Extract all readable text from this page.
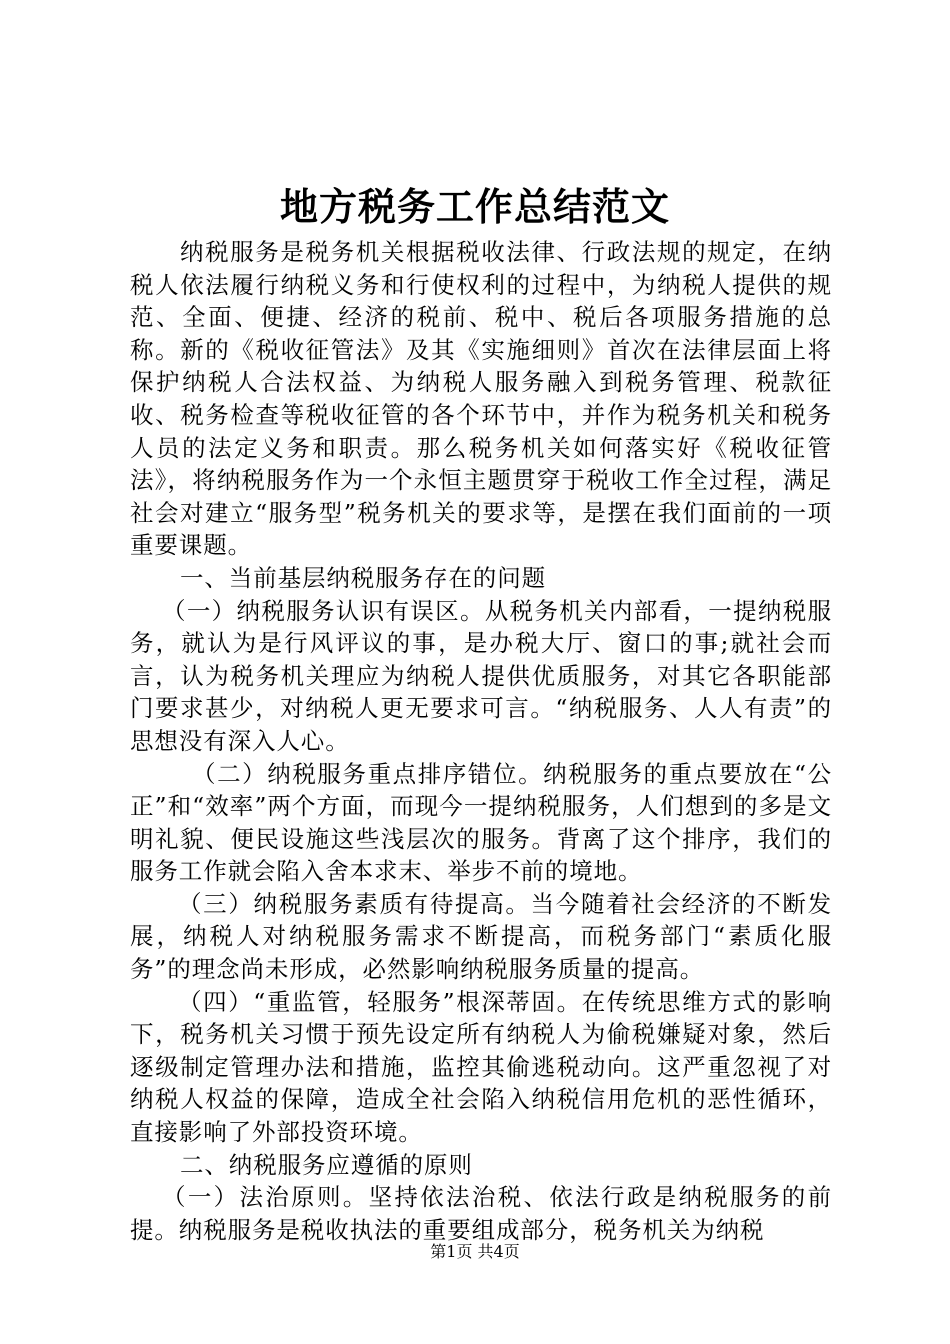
地方税务工作总结范文

纳税服务是税务机关根据税收法律、行政法规的规定，在纳税人依法履行纳税义务和行使权利的过程中，为纳税人提供的规范、全面、便捷、经济的税前、税中、税后各项服务措施的总称。新的《税收征管法》及其《实施细则》首次在法律层面上将保护纳税人合法权益、为纳税人服务融入到税务管理、税款征收、税务检查等税收征管的各个环节中，并作为税务机关和税务人员的法定义务和职责。那么税务机关如何落实好《税收征管法》，将纳税服务作为一个永恒主题贯穿于税收工作全过程，满足社会对建立“服务型”税务机关的要求等，是摆在我们面前的一项重要课题。

一、当前基层纳税服务存在的问题

（一）纳税服务认识有误区。从税务机关内部看，一提纳税服务，就认为是行风评议的事，是办税大厅、窗口的事;就社会而言，认为税务机关理应为纳税人提供优质服务，对其它各职能部门要求甚少，对纳税人更无要求可言。“纳税服务、人人有责”的思想没有深入人心。

（二）纳税服务重点排序错位。纳税服务的重点要放在“公正”和“效率”两个方面，而现今一提纳税服务，人们想到的多是文明礼貌、便民设施这些浅层次的服务。背离了这个排序，我们的服务工作就会陷入舍本求末、举步不前的境地。

（三）纳税服务素质有待提高。当今随着社会经济的不断发展，纳税人对纳税服务需求不断提高，而税务部门“素质化服务”的理念尚未形成，必然影响纳税服务质量的提高。

（四）“重监管，轻服务”根深蒂固。在传统思维方式的影响下，税务机关习惯于预先设定所有纳税人为偷税嫌疑对象，然后逐级制定管理办法和措施，监控其偷逃税动向。这严重忽视了对纳税人权益的保障，造成全社会陷入纳税信用危机的恶性循环，直接影响了外部投资环境。

二、纳税服务应遵循的原则

（一）法治原则。坚持依法治税、依法行政是纳税服务的前提。纳税服务是税收执法的重要组成部分，税务机关为纳税

第1页 共4页
